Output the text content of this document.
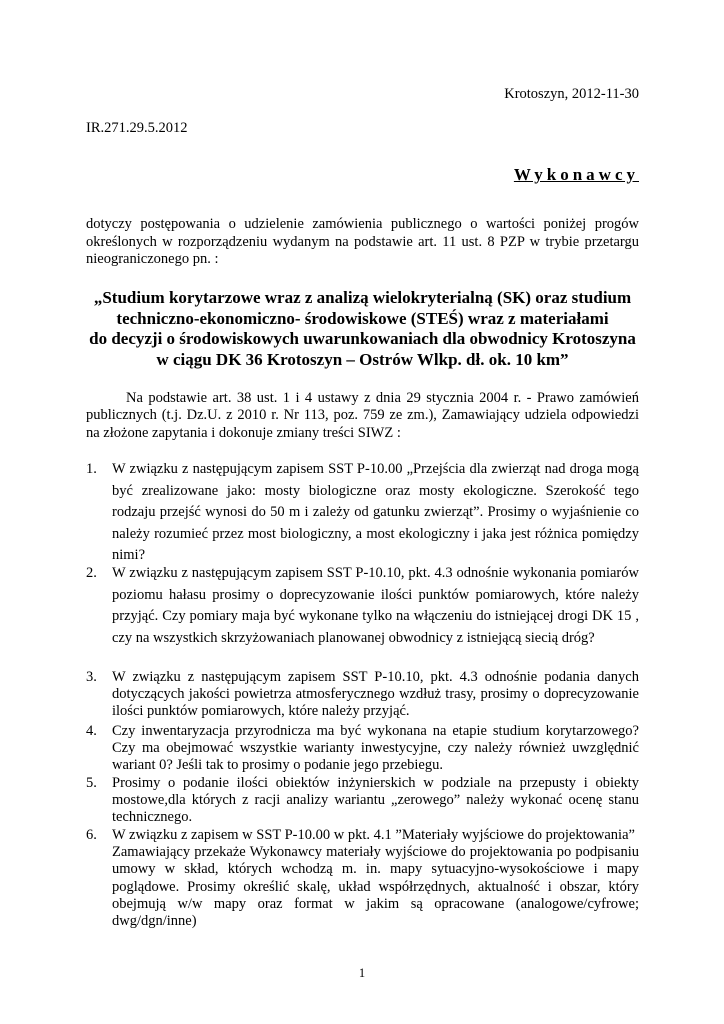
Krotoszyn, 2012-11-30
IR.271.29.5.2012
Wykonawcy
dotyczy postępowania o udzielenie zamówienia publicznego o wartości poniżej progów określonych w rozporządzeniu wydanym na podstawie art. 11 ust. 8 PZP w trybie przetargu nieograniczonego pn. :
„Studium korytarzowe wraz z analizą wielokryterialną (SK) oraz studium
techniczno-ekonomiczno- środowiskowe (STEŚ) wraz z materiałami
do decyzji o środowiskowych uwarunkowaniach dla obwodnicy Krotoszyna
w ciągu DK 36 Krotoszyn – Ostrów Wlkp. dł. ok. 10 km”
Na podstawie art. 38 ust. 1 i 4 ustawy z dnia 29 stycznia 2004 r. - Prawo zamówień publicznych (t.j. Dz.U. z 2010 r. Nr 113, poz. 759 ze zm.), Zamawiający udziela odpowiedzi na złożone zapytania i dokonuje zmiany treści SIWZ :
1. W związku z następującym zapisem SST P-10.00 „Przejścia dla zwierząt nad droga mogą być zrealizowane jako: mosty biologiczne oraz mosty ekologiczne. Szerokość tego rodzaju przejść wynosi do 50 m i zależy od gatunku zwierząt”. Prosimy o wyjaśnienie co należy rozumieć przez most biologiczny, a most ekologiczny i jaka jest różnica pomiędzy nimi?

2. W związku z następującym zapisem SST P-10.10, pkt. 4.3 odnośnie wykonania pomiarów poziomu hałasu prosimy o doprecyzowanie ilości punktów pomiarowych, które należy przyjąć. Czy pomiary maja być wykonane tylko na włączeniu do istniejącej drogi DK 15 , czy na wszystkich skrzyżowaniach planowanej obwodnicy z istniejącą siecią dróg?

3. W związku z następującym zapisem SST P-10.10, pkt. 4.3 odnośnie podania danych dotyczących jakości powietrza atmosferycznego wzdłuż trasy, prosimy o doprecyzowanie ilości punktów pomiarowych, które należy przyjąć.

4. Czy inwentaryzacja przyrodnicza ma być wykonana na etapie studium korytarzowego? Czy ma obejmować wszystkie warianty inwestycyjne, czy należy również uwzględnić wariant 0? Jeśli tak to prosimy o podanie jego przebiegu.

5. Prosimy o podanie ilości obiektów inżynierskich w podziale na przepusty i obiekty mostowe,dla których z racji analizy wariantu „zerowego” należy wykonać ocenę stanu technicznego.

6. W związku z zapisem w SST P-10.00 w pkt. 4.1 ”Materiały wyjściowe do projektowania”

Zamawiający przekaże Wykonawcy materiały wyjściowe do projektowania po podpisaniu umowy w skład, których wchodzą m. in. mapy sytuacyjno-wysokościowe i mapy poglądowe. Prosimy określić skalę, układ współrzędnych, aktualność i obszar, który obejmują w/w mapy oraz format w jakim są opracowane (analogowe/cyfrowe; dwg/dgn/inne)

1
